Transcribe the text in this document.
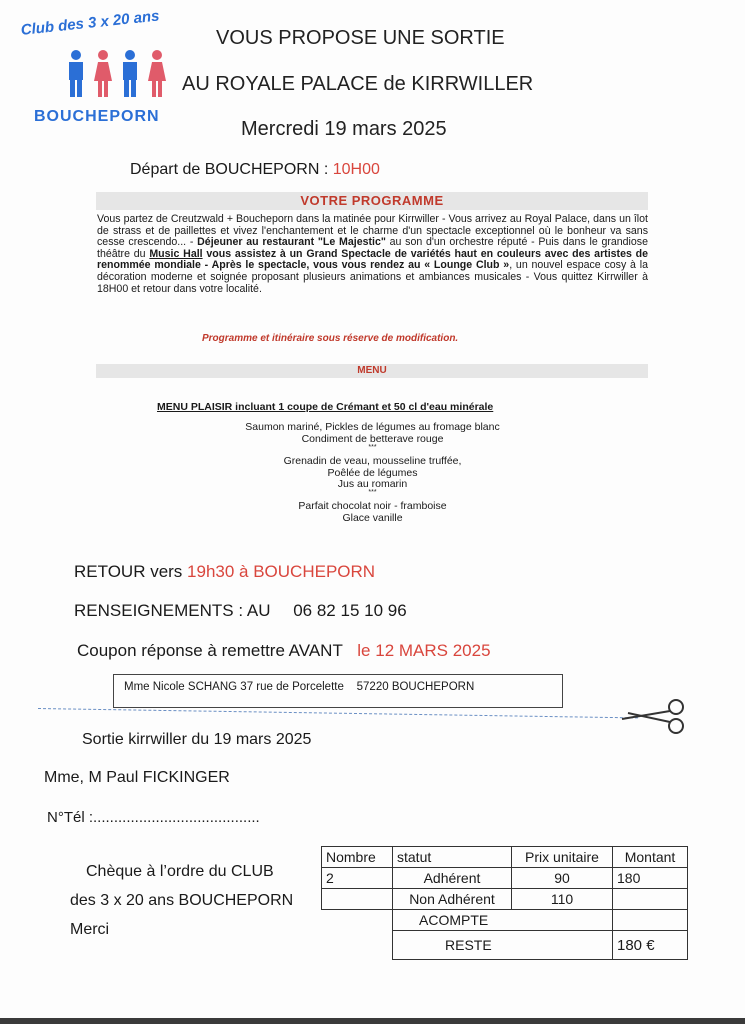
Club des 3 x 20 ans
BOUCHEPORN
VOUS PROPOSE UNE SORTIE
AU ROYALE PALACE de KIRRWILLER
Mercredi 19 mars 2025
Départ de BOUCHEPORN : 10H00
VOTRE PROGRAMME
Vous partez de Creutzwald + Boucheporn dans la matinée pour Kirrwiller - Vous arrivez au Royal Palace, dans un îlot de strass et de paillettes et vivez l'enchantement et le charme d'un spectacle exceptionnel où le bonheur va sans cesse crescendo... - Déjeuner au restaurant "Le Majestic" au son d'un orchestre réputé - Puis dans le grandiose théâtre du Music Hall vous assistez à un Grand Spectacle de variétés haut en couleurs avec des artistes de renommée mondiale - Après le spectacle, vous vous rendez au « Lounge Club », un nouvel espace cosy à la décoration moderne et soignée proposant plusieurs animations et ambiances musicales - Vous quittez Kirrwiller à 18H00 et retour dans votre localité.
Programme et itinéraire sous réserve de modification.
MENU
MENU PLAISIR incluant 1 coupe de Crémant et 50 cl d'eau minérale
Saumon mariné, Pickles de légumes au fromage blanc
Condiment de betterave rouge
***
Grenadin de veau, mousseline truffée,
Poêlée de légumes
Jus au romarin
***
Parfait chocolat noir - framboise
Glace vanille
RETOUR vers 19h30 à BOUCHEPORN
RENSEIGNEMENTS : AU 06 82 15 10 96
Coupon réponse à remettre AVANT le 12 MARS 2025
Mme Nicole SCHANG 37 rue de Porcelette    57220 BOUCHEPORN
Sortie kirrwiller du 19 mars 2025
Mme, M Paul FICKINGER
N°Tél :........................................
Chèque à l’ordre du CLUB
des 3 x 20 ans BOUCHEPORN
Merci
Nombre	statut	Prix unitaire	Montant
2	Adhérent	90	180
	Non Adhérent	110	
	ACOMPTE		
	RESTE		180 €
